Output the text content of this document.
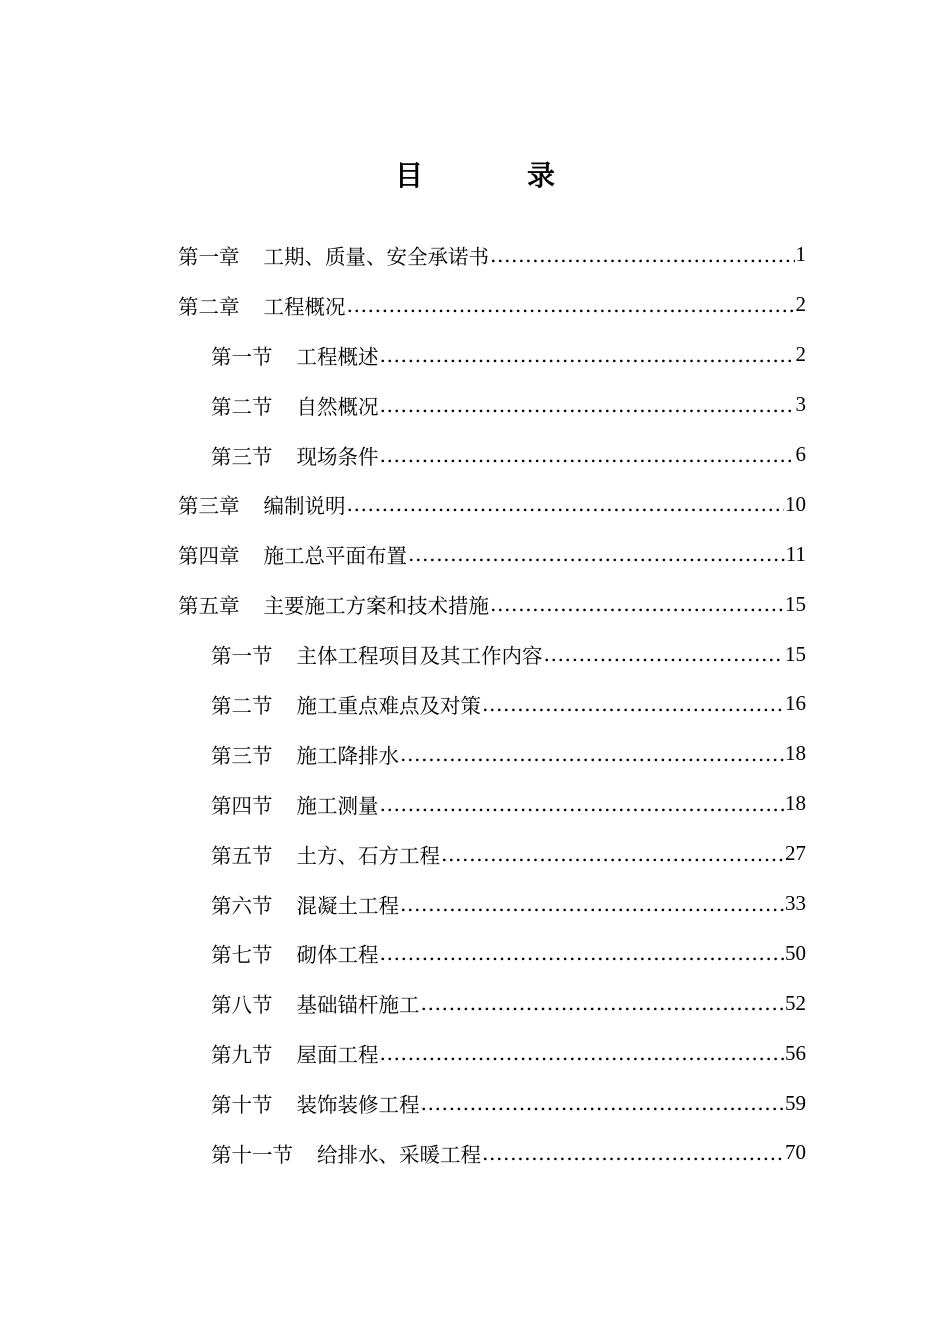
目　录
第一章 工期、质量、安全承诺书 .....	1
第二章 工程概况 .....	2
第一节 工程概述 .....	2
第二节 自然概况 .....	3
第三节 现场条件 .....	6
第三章 编制说明 .....	10
第四章 施工总平面布置 .....	11
第五章 主要施工方案和技术措施 .....	15
第一节 主体工程项目及其工作内容 .....	15
第二节 施工重点难点及对策 .....	16
第三节 施工降排水 .....	18
第四节 施工测量 .....	18
第五节 土方、石方工程 .....	27
第六节 混凝土工程 .....	33
第七节 砌体工程 .....	50
第八节 基础锚杆施工 .....	52
第九节 屋面工程 .....	56
第十节 装饰装修工程 .....	59
第十一节 给排水、采暖工程 .....	70
